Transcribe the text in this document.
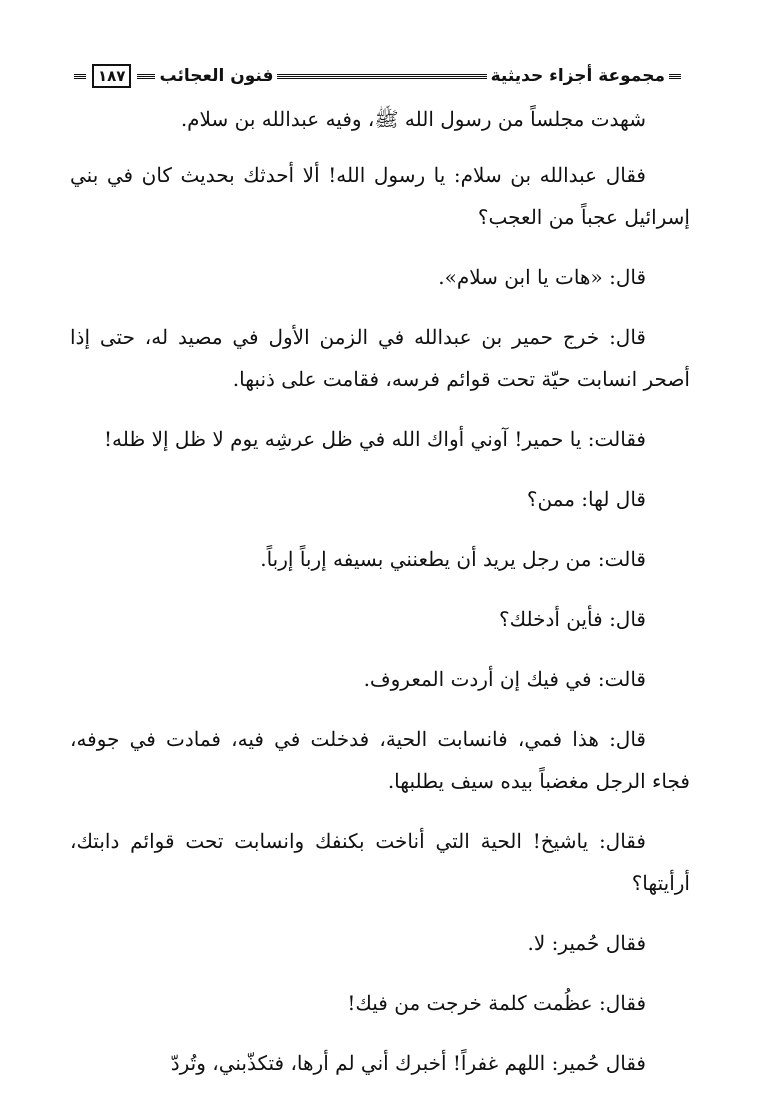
مجموعة أجزاء حديثية
فنون العجائب
١٨٧

شهدت مجلساً من رسول الله ﷺ، وفيه عبدالله بن سلام.

فقال عبدالله بن سلام: يا رسول الله! ألا أحدثك بحديث كان في بني إسرائيل عجباً من العجب؟

قال: «هات يا ابن سلام».

قال: خرج حمير بن عبدالله في الزمن الأول في مصيد له، حتى إذا أصحر انسابت حيّة تحت قوائم فرسه، فقامت على ذنبها.

فقالت: يا حمير! آوني أواك الله في ظل عرشِه يوم لا ظل إلا ظله!

قال لها: ممن؟

قالت: من رجل يريد أن يطعنني بسيفه إرباً إرباً.

قال: فأين أدخلك؟

قالت: في فيك إن أردت المعروف.

قال: هذا فمي، فانسابت الحية، فدخلت في فيه، فمادت في جوفه، فجاء الرجل مغضباً بيده سيف يطلبها.

فقال: ياشيخ! الحية التي أناخت بكنفك وانسابت تحت قوائم دابتك، أرأيتها؟

فقال حُمير: لا.

فقال: عظُمت كلمة خرجت من فيك!

فقال حُمير: اللهم غفراً! أخبرك أني لم أرها، فتكذّبني، وتُردّ
